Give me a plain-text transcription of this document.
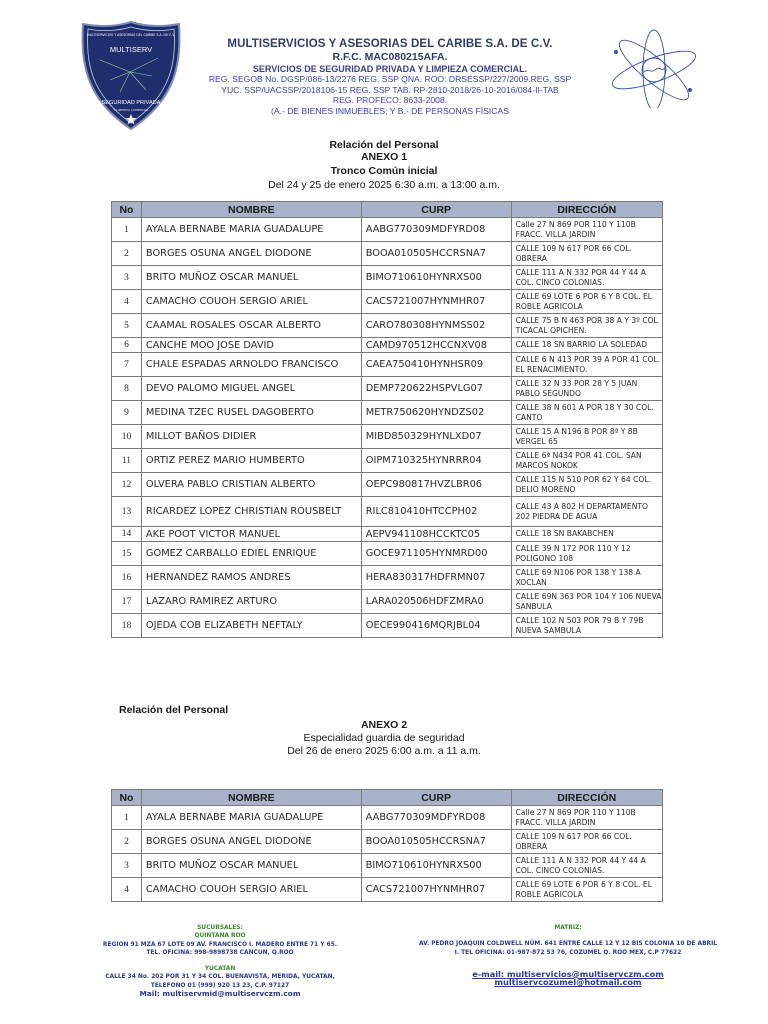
MULTISERVICIOS Y ASESORIAS DEL CARIBE S.A. DE C.V.
MULTISERV
SEGURIDAD PRIVADA
Y LIMPIEZA COMERCIAL
MULTISERVICIOS Y ASESORIAS DEL CARIBE S.A. DE C.V.
R.F.C. MAC080215AFA.
SERVICIOS DE SEGURIDAD PRIVADA Y LIMPIEZA COMERCIAL.
REG. SEGOB No. DGSP/086-13/2276 REG. SSP QNA. ROO: DRSESSP/227/2009.REG. SSP
YUC. SSP/UACSSP/2018106-15 REG. SSP TAB. RP-2810-2018/26-10-2016/084-II-TAB
REG. PROFECO: 8633-2008.
(A.- DE BIENES INMUEBLES; Y B.- DE PERSONAS FÍSICAS
Relación del Personal
ANEXO 1
Tronco Común inicial
Del 24 y 25 de enero 2025 6:30 a.m. a 13:00 a.m.
No	NOMBRE	CURP	DIRECCIÓN
1	AYALA BERNABE MARIA GUADALUPE	AABG770309MDFYRD08	Calle 27 N 869 POR 110 Y 110B FRACC. VILLA JARDIN
2	BORGES OSUNA ANGEL DIODONE	BOOA010505HCCRSNA7	CALLE 109 N 617 POR 66 COL. OBRERA
3	BRITO MUÑOZ OSCAR MANUEL	BIMO710610HYNRXS00	CALLE 111 A N 332 POR 44 Y 44 A COL. CINCO COLONIAS.
4	CAMACHO COUOH SERGIO ARIEL	CACS721007HYNMHR07	CALLE 69 LOTE 6 POR 6 Y 8 COL. EL ROBLE AGRICOLA
5	CAAMAL ROSALES OSCAR ALBERTO	CARO780308HYNMSS02	CALLE 75 B N 463 POR 38 A Y 3º COL TICACAL OPICHEN.
6	CANCHE MOO JOSE DAVID	CAMD970512HCCNXV08	CALLE 18 SN BARRIO LA SOLEDAD
7	CHALE ESPADAS ARNOLDO FRANCISCO	CAEA750410HYNHSR09	CALLE 6 N 413 POR 39 A POR 41 COL. EL RENACIMIENTO.
8	DEVO PALOMO MIGUEL ANGEL	DEMP720622HSPVLG07	CALLE 32 N 33 POR 28 Y 5 JUAN PABLO SEGUNDO
9	MEDINA TZEC RUSEL DAGOBERTO	METR750620HYNDZS02	CALLE 38 N 601 A POR 18 Y 30 COL. CANTO
10	MILLOT BAÑOS DIDIER	MIBD850329HYNLXD07	CALLE 15 A N196 B POR 8ª Y 8B VERGEL 65
11	ORTIZ PEREZ MARIO HUMBERTO	OIPM710325HYNRRR04	CALLE 6ª N434 POR 41 COL. SAN MARCOS NOKOK
12	OLVERA PABLO CRISTIAN ALBERTO	OEPC980817HVZLBR06	CALLE 115 N 510 POR 62 Y 64 COL. DELIO MORENO
13	RICARDEZ LOPEZ CHRISTIAN ROUSBELT	RILC810410HTCCPH02	CALLE 43 A 802 H DEPARTAMENTO 202 PIEDRA DE AGUA
14	AKE POOT VICTOR MANUEL	AEPV941108HCCKTC05	CALLE 18 SN BAKABCHEN
15	GOMEZ CARBALLO EDIEL ENRIQUE	GOCE971105HYNMRD00	CALLE 39 N 172 POR 110 Y 12 POLIGONO 108
16	HERNANDEZ RAMOS ANDRES	HERA830317HDFRMN07	CALLE 69 N106 POR 138 Y 138 A XOCLAN
17	LAZARO RAMIREZ ARTURO	LARA020506HDFZMRA0	CALLE 69N 363 POR 104 Y 106 NUEVA SANBULA
18	OJEDA COB ELIZABETH NEFTALY	OECE990416MQRJBL04	CALLE 102 N 503 POR 79 B Y 79B NUEVA SAMBULA
Relación del Personal
ANEXO 2
Especialidad guardia de seguridad
Del 26 de enero 2025 6:00 a.m. a 11 a.m.
No	NOMBRE	CURP	DIRECCIÓN
1	AYALA BERNABE MARIA GUADALUPE	AABG770309MDFYRD08	Calle 27 N 869 POR 110 Y 110B FRACC. VILLA JARDIN
2	BORGES OSUNA ANGEL DIODONE	BOOA010505HCCRSNA7	CALLE 109 N 617 POR 66 COL. OBRERA
3	BRITO MUÑOZ OSCAR MANUEL	BIMO710610HYNRXS00	CALLE 111 A N 332 POR 44 Y 44 A COL. CINCO COLONIAS.
4	CAMACHO COUOH SERGIO ARIEL	CACS721007HYNMHR07	CALLE 69 LOTE 6 POR 6 Y 8 COL. EL ROBLE AGRICOLA
SUCURSALES:
QUINTANA ROO
REGION 91 MZA 67 LOTE 09 AV. FRANCISCO I. MADERO ENTRE 71 Y 65.
TEL. OFICINA: 998-9898738 CANCUN, Q.ROO
YUCATAN
CALLE 34 No. 202 POR 31 Y 34 COL. BUENAVISTA, MERIDA, YUCATAN,
TELEFONO 01 (999) 920 13 23, C.P. 97127
Mail: multiservmid@multiservczm.com
MATRIZ:
AV. PEDRO JOAQUIN COLDWELL NÚM. 641 ENTRE CALLE 12 Y 12 BIS COLONIA 10 DE ABRIL
I. TEL OFICINA: 01-987-872 53 76, COZUMEL Q. ROO MEX, C.P 77622
e-mail: multiservicios@multiservczm.com
multiservcozumel@hotmail.com
